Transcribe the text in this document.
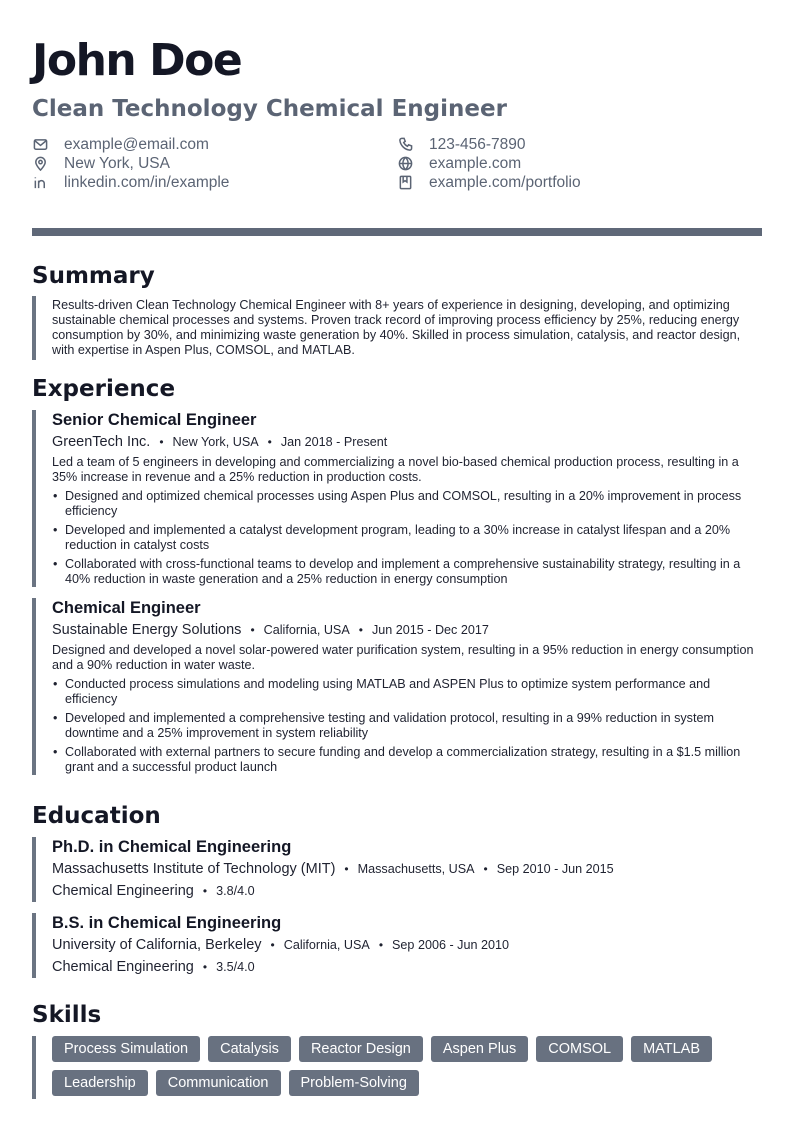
John Doe
Clean Technology Chemical Engineer
example@email.com	123-456-7890
New York, USA	example.com
linkedin.com/in/example	example.com/portfolio
Summary
Results-driven Clean Technology Chemical Engineer with 8+ years of experience in designing, developing, and optimizing sustainable chemical processes and systems. Proven track record of improving process efficiency by 25%, reducing energy consumption by 30%, and minimizing waste generation by 40%. Skilled in process simulation, catalysis, and reactor design, with expertise in Aspen Plus, COMSOL, and MATLAB.
Experience
Senior Chemical Engineer
GreenTech Inc. • New York, USA • Jan 2018 - Present
Led a team of 5 engineers in developing and commercializing a novel bio-based chemical production process, resulting in a 35% increase in revenue and a 25% reduction in production costs.
• Designed and optimized chemical processes using Aspen Plus and COMSOL, resulting in a 20% improvement in process efficiency
• Developed and implemented a catalyst development program, leading to a 30% increase in catalyst lifespan and a 20% reduction in catalyst costs
• Collaborated with cross-functional teams to develop and implement a comprehensive sustainability strategy, resulting in a 40% reduction in waste generation and a 25% reduction in energy consumption
Chemical Engineer
Sustainable Energy Solutions • California, USA • Jun 2015 - Dec 2017
Designed and developed a novel solar-powered water purification system, resulting in a 95% reduction in energy consumption and a 90% reduction in water waste.
• Conducted process simulations and modeling using MATLAB and ASPEN Plus to optimize system performance and efficiency
• Developed and implemented a comprehensive testing and validation protocol, resulting in a 99% reduction in system downtime and a 25% improvement in system reliability
• Collaborated with external partners to secure funding and develop a commercialization strategy, resulting in a $1.5 million grant and a successful product launch
Education
Ph.D. in Chemical Engineering
Massachusetts Institute of Technology (MIT) • Massachusetts, USA • Sep 2010 - Jun 2015
Chemical Engineering • 3.8/4.0
B.S. in Chemical Engineering
University of California, Berkeley • California, USA • Sep 2006 - Jun 2010
Chemical Engineering • 3.5/4.0
Skills
Process Simulation	Catalysis	Reactor Design	Aspen Plus	COMSOL	MATLAB
Leadership	Communication	Problem-Solving
